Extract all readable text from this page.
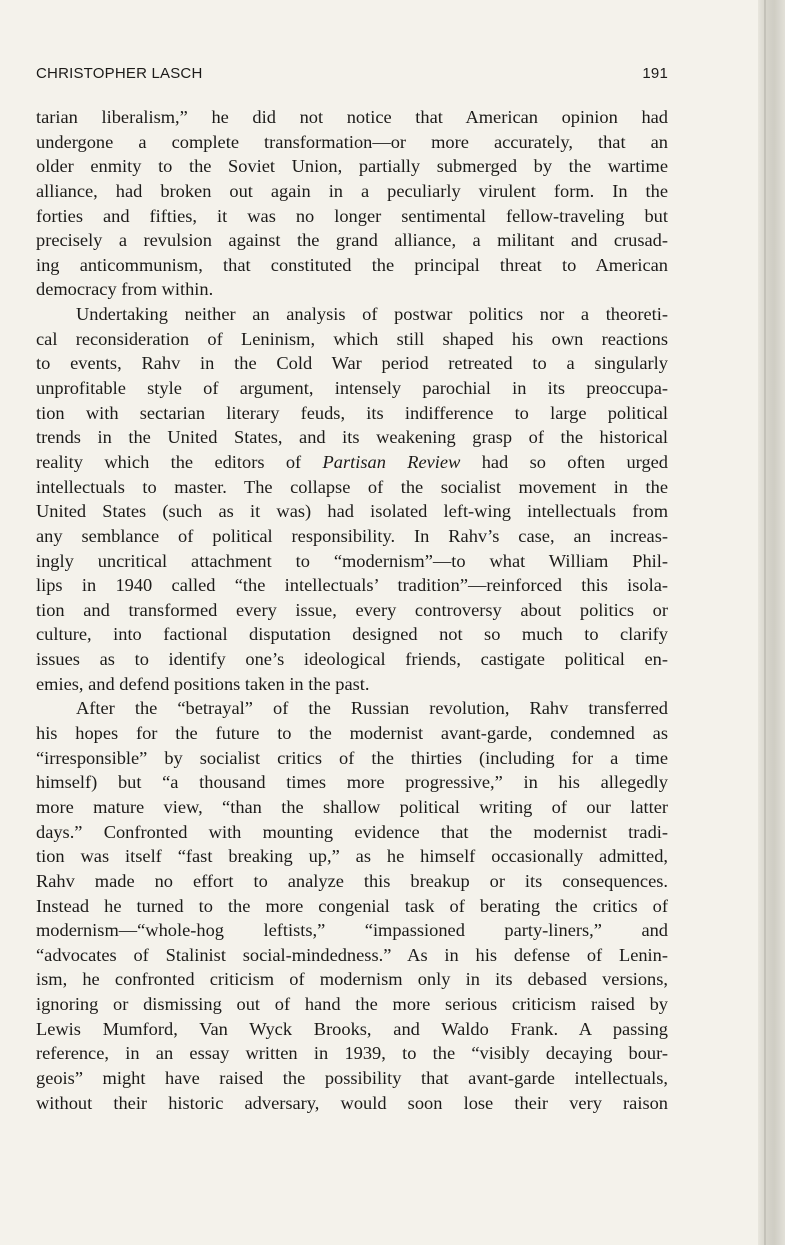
CHRISTOPHER LASCH	191
tarian liberalism,” he did not notice that American opinion had
undergone a complete transformation—or more accurately, that an
older enmity to the Soviet Union, partially submerged by the wartime
alliance, had broken out again in a peculiarly virulent form. In the
forties and fifties, it was no longer sentimental fellow-traveling but
precisely a revulsion against the grand alliance, a militant and crusad-
ing anticommunism, that constituted the principal threat to American
democracy from within.
Undertaking neither an analysis of postwar politics nor a theoreti-
cal reconsideration of Leninism, which still shaped his own reactions
to events, Rahv in the Cold War period retreated to a singularly
unprofitable style of argument, intensely parochial in its preoccupa-
tion with sectarian literary feuds, its indifference to large political
trends in the United States, and its weakening grasp of the historical
reality which the editors of Partisan Review had so often urged
intellectuals to master. The collapse of the socialist movement in the
United States (such as it was) had isolated left-wing intellectuals from
any semblance of political responsibility. In Rahv’s case, an increas-
ingly uncritical attachment to “modernism”—to what William Phil-
lips in 1940 called “the intellectuals’ tradition”—reinforced this isola-
tion and transformed every issue, every controversy about politics or
culture, into factional disputation designed not so much to clarify
issues as to identify one’s ideological friends, castigate political en-
emies, and defend positions taken in the past.
After the “betrayal” of the Russian revolution, Rahv transferred
his hopes for the future to the modernist avant-garde, condemned as
“irresponsible” by socialist critics of the thirties (including for a time
himself) but “a thousand times more progressive,” in his allegedly
more mature view, “than the shallow political writing of our latter
days.” Confronted with mounting evidence that the modernist tradi-
tion was itself “fast breaking up,” as he himself occasionally admitted,
Rahv made no effort to analyze this breakup or its consequences.
Instead he turned to the more congenial task of berating the critics of
modernism—“whole-hog leftists,” “impassioned party-liners,” and
“advocates of Stalinist social-mindedness.” As in his defense of Lenin-
ism, he confronted criticism of modernism only in its debased versions,
ignoring or dismissing out of hand the more serious criticism raised by
Lewis Mumford, Van Wyck Brooks, and Waldo Frank. A passing
reference, in an essay written in 1939, to the “visibly decaying bour-
geois” might have raised the possibility that avant-garde intellectuals,
without their historic adversary, would soon lose their very raison
